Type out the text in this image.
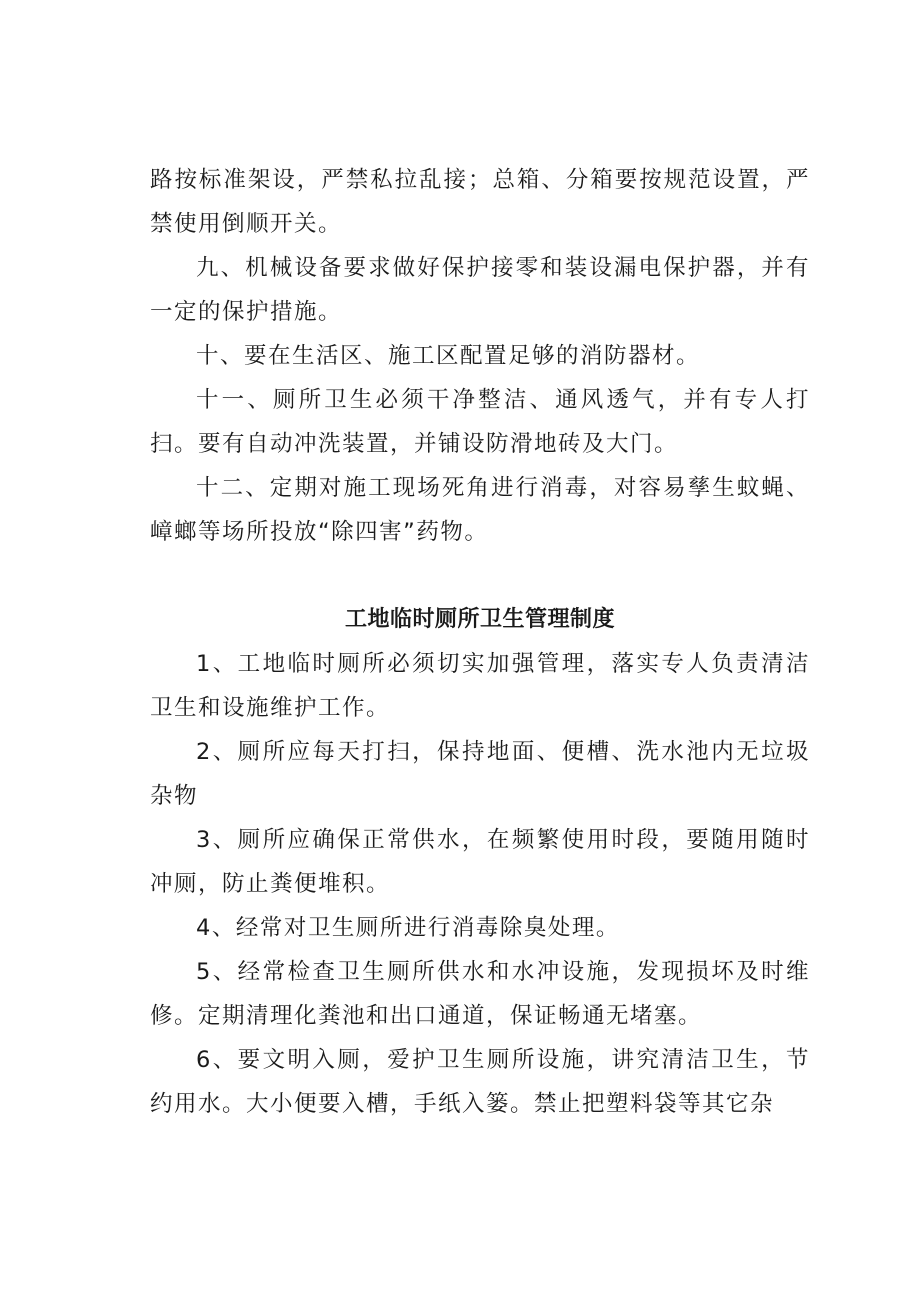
路按标准架设，严禁私拉乱接；总箱、分箱要按规范设置，严禁使用倒顺开关。

九、机械设备要求做好保护接零和装设漏电保护器，并有一定的保护措施。

十、要在生活区、施工区配置足够的消防器材。

十一、厕所卫生必须干净整洁、通风透气，并有专人打扫。要有自动冲洗装置，并铺设防滑地砖及大门。

十二、定期对施工现场死角进行消毒，对容易孳生蚊蝇、嶂螂等场所投放“除四害”药物。

工地临时厕所卫生管理制度

1、工地临时厕所必须切实加强管理，落实专人负责清洁卫生和设施维护工作。

2、厕所应每天打扫，保持地面、便槽、洗水池内无垃圾杂物

3、厕所应确保正常供水，在频繁使用时段，要随用随时冲厕，防止粪便堆积。

4、经常对卫生厕所进行消毒除臭处理。

5、经常检查卫生厕所供水和水冲设施，发现损坏及时维修。定期清理化粪池和出口通道，保证畅通无堵塞。

6、要文明入厕，爱护卫生厕所设施，讲究清洁卫生，节约用水。大小便要入槽，手纸入篓。禁止把塑料袋等其它杂
